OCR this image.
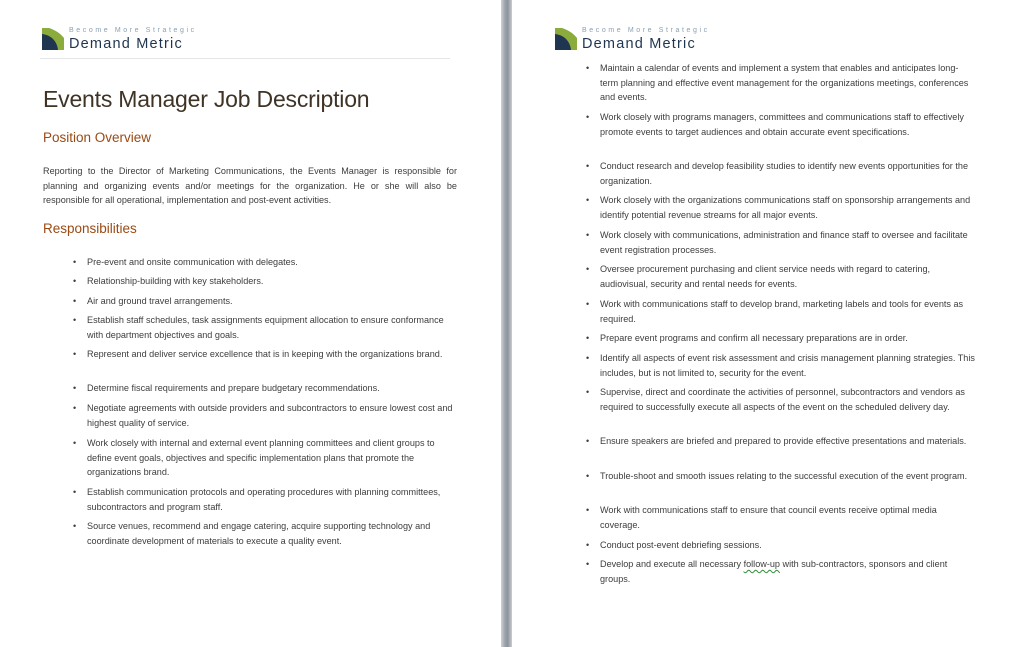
Become More Strategic
Demand Metric
Events Manager Job Description
Position Overview

Reporting to the Director of Marketing Communications, the Events Manager is responsible for planning and organizing events and/or meetings for the organization. He or she will also be responsible for all operational, implementation and post-event activities.

Responsibilities
• Pre-event and onsite communication with delegates.
• Relationship-building with key stakeholders.
• Air and ground travel arrangements.
• Establish staff schedules, task assignments equipment allocation to ensure conformance with department objectives and goals.
• Represent and deliver service excellence that is in keeping with the organizations brand.
• Determine fiscal requirements and prepare budgetary recommendations.
• Negotiate agreements with outside providers and subcontractors to ensure lowest cost and highest quality of service.
• Work closely with internal and external event planning committees and client groups to define event goals, objectives and specific implementation plans that promote the organizations brand.
• Establish communication protocols and operating procedures with planning committees, subcontractors and program staff.
• Source venues, recommend and engage catering, acquire supporting technology and coordinate development of materials to execute a quality event.
Become More Strategic
Demand Metric
• Maintain a calendar of events and implement a system that enables and anticipates long-term planning and effective event management for the organizations meetings, conferences and events.
• Work closely with programs managers, committees and communications staff to effectively promote events to target audiences and obtain accurate event specifications.
• Conduct research and develop feasibility studies to identify new events opportunities for the organization.
• Work closely with the organizations communications staff on sponsorship arrangements and identify potential revenue streams for all major events.
• Work closely with communications, administration and finance staff to oversee and facilitate event registration processes.
• Oversee procurement purchasing and client service needs with regard to catering, audiovisual, security and rental needs for events.
• Work with communications staff to develop brand, marketing labels and tools for events as required.
• Prepare event programs and confirm all necessary preparations are in order.
• Identify all aspects of event risk assessment and crisis management planning strategies. This includes, but is not limited to, security for the event.
• Supervise, direct and coordinate the activities of personnel, subcontractors and vendors as required to successfully execute all aspects of the event on the scheduled delivery day.
• Ensure speakers are briefed and prepared to provide effective presentations and materials.
• Trouble-shoot and smooth issues relating to the successful execution of the event program.
• Work with communications staff to ensure that council events receive optimal media coverage.
• Conduct post-event debriefing sessions.
• Develop and execute all necessary follow-up with sub-contractors, sponsors and client groups.
